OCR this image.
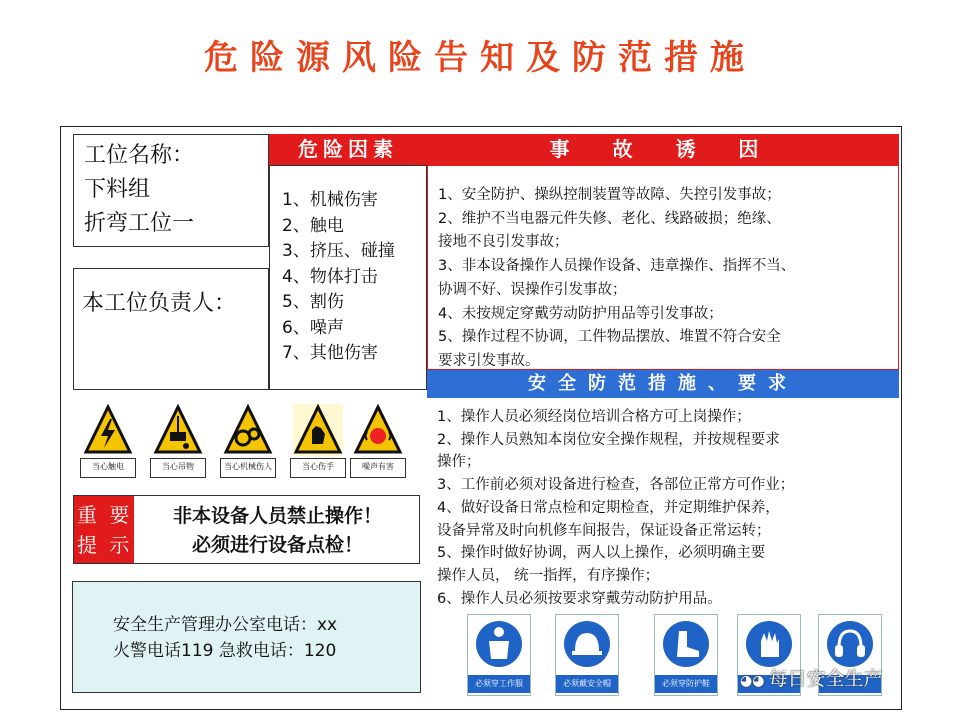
危险源风险告知及防范措施
工位名称：
下料组
折弯工位一
本工位负责人：
危险因素
1、机械伤害
2、触电
3、挤压、碰撞
4、物体打击
5、割伤
6、噪声
7、其他伤害
事 故 诱 因
1、安全防护、操纵控制装置等故障、失控引发事故；
2、维护不当电器元件失修、老化、线路破损；绝缘、
接地不良引发事故；
3、非本设备操作人员操作设备、违章操作、指挥不当、
协调不好、误操作引发事故；
4、未按规定穿戴劳动防护用品等引发事故；
5、操作过程不协调，工件物品摆放、堆置不符合安全
要求引发事故。
安全防范措施、要求
1、操作人员必须经岗位培训合格方可上岗操作；
2、操作人员熟知本岗位安全操作规程，并按规程要求
操作；
3、工作前必须对设备进行检查，各部位正常方可作业；
4、做好设备日常点检和定期检查，并定期维护保养，
设备异常及时向机修车间报告，保证设备正常运转；
5、操作时做好协调，两人以上操作，必须明确主要
操作人员， 统一指挥，有序操作；
6、操作人员必须按要求穿戴劳动防护用品。
当心触电	当心吊物	当心机械伤人	当心伤手	噪声有害
重 要
提 示
非本设备人员禁止操作！
必须进行设备点检！
安全生产管理办公室电话：xx
火警电话119 急救电话：120
必须穿工作服	必须戴安全帽	必须穿防护鞋	◕◕ 每日安全生产
